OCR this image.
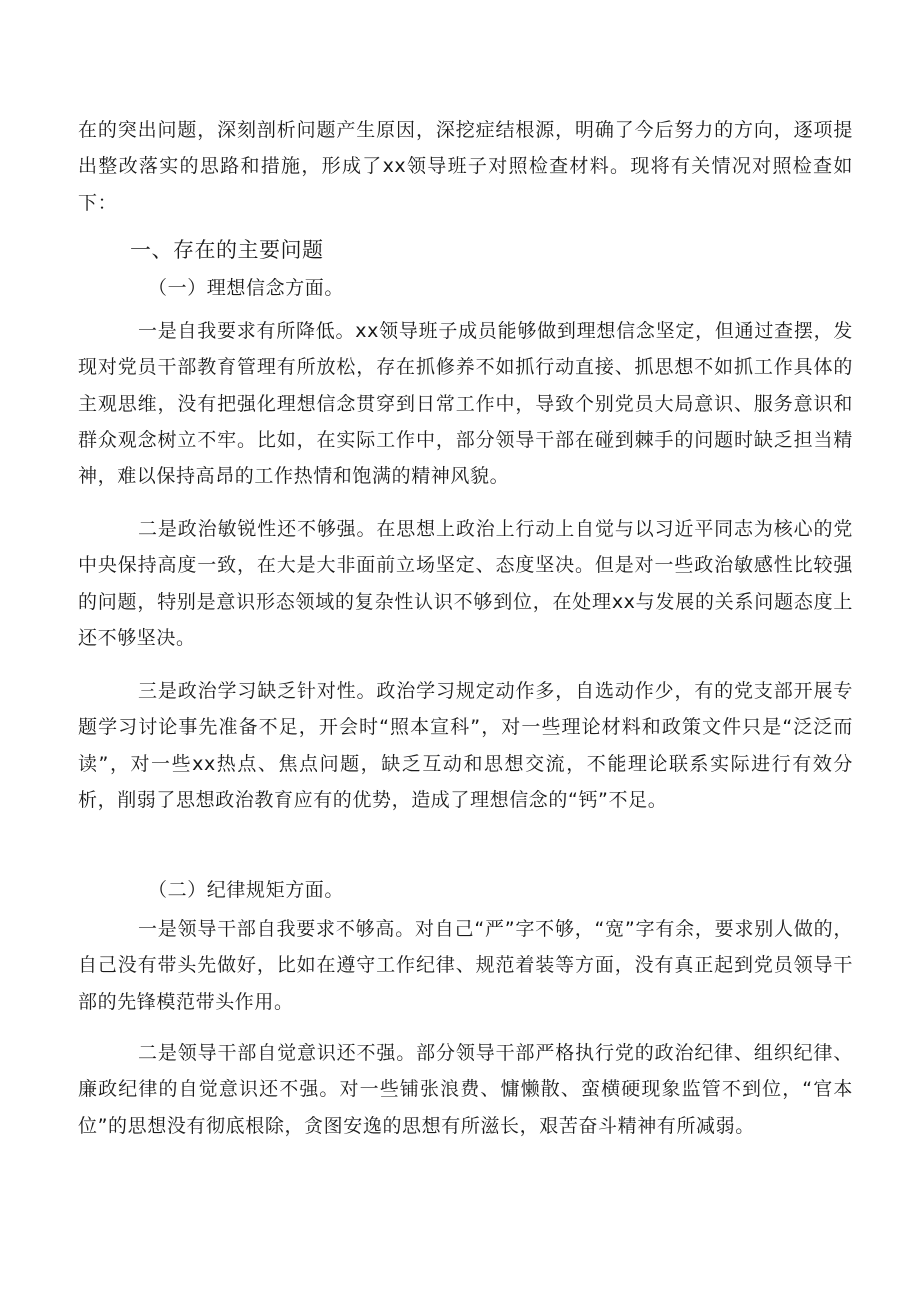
在的突出问题，深刻剖析问题产生原因，深挖症结根源，明确了今后努力的方向，逐项提出整改落实的思路和措施，形成了xx领导班子对照检查材料。现将有关情况对照检查如下：

一、存在的主要问题

（一）理想信念方面。

一是自我要求有所降低。xx领导班子成员能够做到理想信念坚定，但通过查摆，发现对党员干部教育管理有所放松，存在抓修养不如抓行动直接、抓思想不如抓工作具体的主观思维，没有把强化理想信念贯穿到日常工作中，导致个别党员大局意识、服务意识和群众观念树立不牢。比如，在实际工作中，部分领导干部在碰到棘手的问题时缺乏担当精神，难以保持高昂的工作热情和饱满的精神风貌。

二是政治敏锐性还不够强。在思想上政治上行动上自觉与以习近平同志为核心的党中央保持高度一致，在大是大非面前立场坚定、态度坚决。但是对一些政治敏感性比较强的问题，特别是意识形态领域的复杂性认识不够到位，在处理xx与发展的关系问题态度上还不够坚决。

三是政治学习缺乏针对性。政治学习规定动作多，自选动作少，有的党支部开展专题学习讨论事先准备不足，开会时“照本宣科”，对一些理论材料和政策文件只是“泛泛而读”，对一些xx热点、焦点问题，缺乏互动和思想交流，不能理论联系实际进行有效分析，削弱了思想政治教育应有的优势，造成了理想信念的“钙”不足。

（二）纪律规矩方面。

一是领导干部自我要求不够高。对自己“严”字不够，“宽”字有余，要求别人做的，自己没有带头先做好，比如在遵守工作纪律、规范着装等方面，没有真正起到党员领导干部的先锋模范带头作用。

二是领导干部自觉意识还不强。部分领导干部严格执行党的政治纪律、组织纪律、廉政纪律的自觉意识还不强。对一些铺张浪费、慵懒散、蛮横硬现象监管不到位，“官本位”的思想没有彻底根除，贪图安逸的思想有所滋长，艰苦奋斗精神有所减弱。
